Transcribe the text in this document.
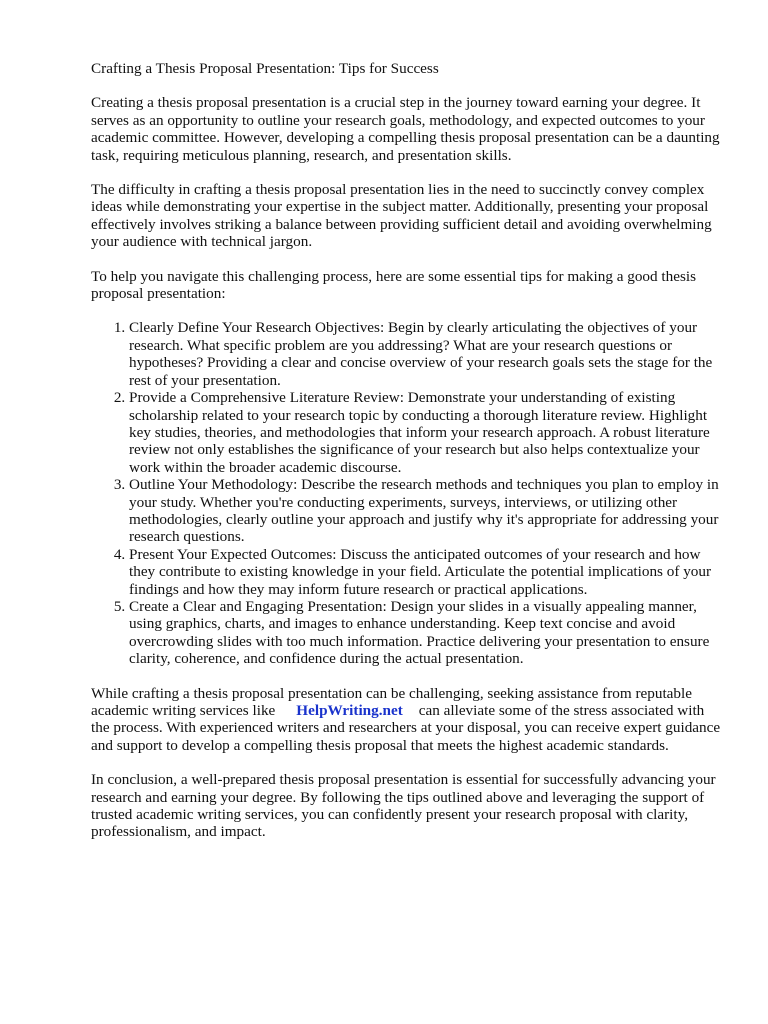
Crafting a Thesis Proposal Presentation: Tips for Success

Creating a thesis proposal presentation is a crucial step in the journey toward earning your degree. It serves as an opportunity to outline your research goals, methodology, and expected outcomes to your academic committee. However, developing a compelling thesis proposal presentation can be a daunting task, requiring meticulous planning, research, and presentation skills.

The difficulty in crafting a thesis proposal presentation lies in the need to succinctly convey complex ideas while demonstrating your expertise in the subject matter. Additionally, presenting your proposal effectively involves striking a balance between providing sufficient detail and avoiding overwhelming your audience with technical jargon.

To help you navigate this challenging process, here are some essential tips for making a good thesis proposal presentation:

1. Clearly Define Your Research Objectives: Begin by clearly articulating the objectives of your research. What specific problem are you addressing? What are your research questions or hypotheses? Providing a clear and concise overview of your research goals sets the stage for the rest of your presentation.
2. Provide a Comprehensive Literature Review: Demonstrate your understanding of existing scholarship related to your research topic by conducting a thorough literature review. Highlight key studies, theories, and methodologies that inform your research approach. A robust literature review not only establishes the significance of your research but also helps contextualize your work within the broader academic discourse.
3. Outline Your Methodology: Describe the research methods and techniques you plan to employ in your study. Whether you're conducting experiments, surveys, interviews, or utilizing other methodologies, clearly outline your approach and justify why it's appropriate for addressing your research questions.
4. Present Your Expected Outcomes: Discuss the anticipated outcomes of your research and how they contribute to existing knowledge in your field. Articulate the potential implications of your findings and how they may inform future research or practical applications.
5. Create a Clear and Engaging Presentation: Design your slides in a visually appealing manner, using graphics, charts, and images to enhance understanding. Keep text concise and avoid overcrowding slides with too much information. Practice delivering your presentation to ensure clarity, coherence, and confidence during the actual presentation.

While crafting a thesis proposal presentation can be challenging, seeking assistance from reputable academic writing services like HelpWriting.net can alleviate some of the stress associated with the process. With experienced writers and researchers at your disposal, you can receive expert guidance and support to develop a compelling thesis proposal that meets the highest academic standards.

In conclusion, a well-prepared thesis proposal presentation is essential for successfully advancing your research and earning your degree. By following the tips outlined above and leveraging the support of trusted academic writing services, you can confidently present your research proposal with clarity, professionalism, and impact.
